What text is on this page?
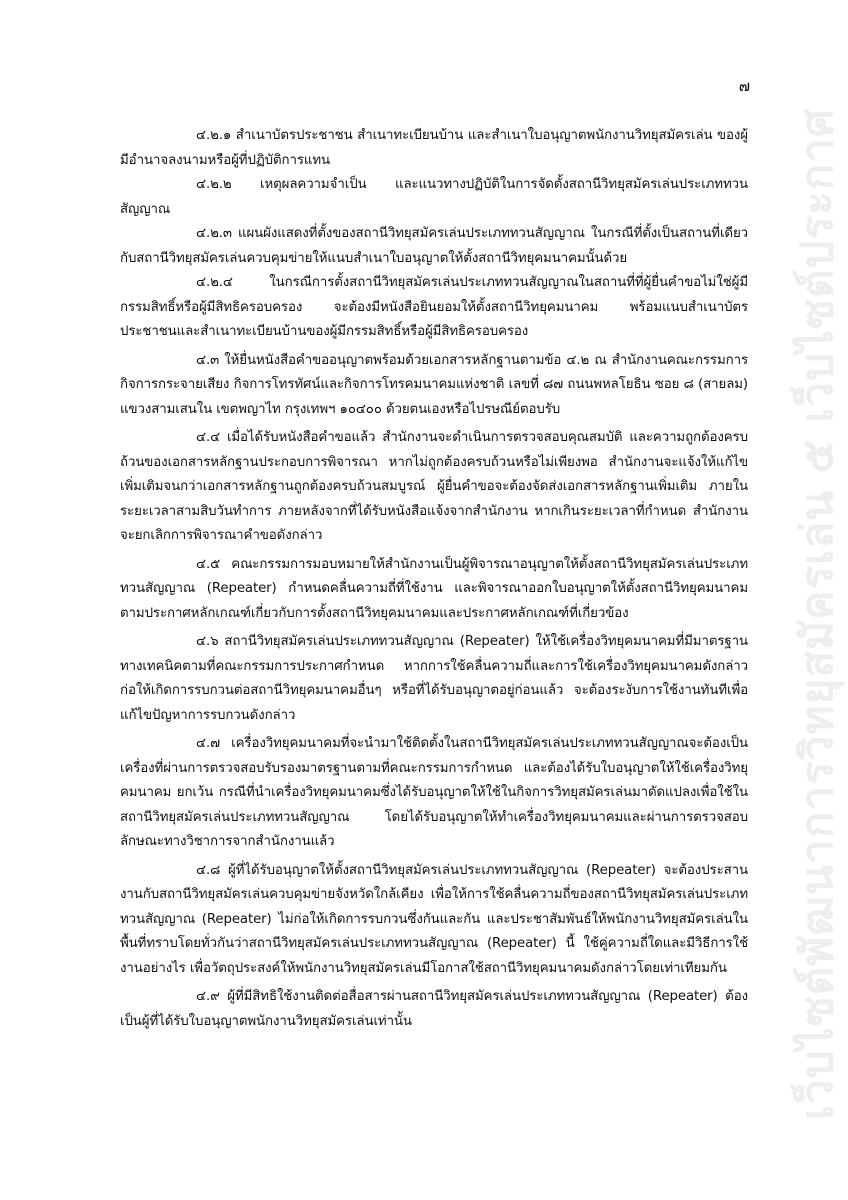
เว็บไซต์พัฒนาการวิทยุสมัครเล่น ๕ เว็บไซต์ประกาศ
๗

๔.๒.๑ สำเนาบัตรประชาชน สำเนาทะเบียนบ้าน และสำเนาใบอนุญาตพนักงานวิทยุสมัครเล่น ของผู้มีอำนาจลงนามหรือผู้ที่ปฏิบัติการแทน

๔.๒.๒ เหตุผลความจำเป็น และแนวทางปฏิบัติในการจัดตั้งสถานีวิทยุสมัครเล่นประเภททวนสัญญาณ

๔.๒.๓ แผนผังแสดงที่ตั้งของสถานีวิทยุสมัครเล่นประเภททวนสัญญาณ ในกรณีที่ตั้งเป็นสถานที่เดียวกับสถานีวิทยุสมัครเล่นควบคุมข่ายให้แนบสำเนาใบอนุญาตให้ตั้งสถานีวิทยุคมนาคมนั้นด้วย

๔.๒.๔ ในกรณีการตั้งสถานีวิทยุสมัครเล่นประเภททวนสัญญาณในสถานที่ที่ผู้ยื่นคำขอไม่ใช่ผู้มีกรรมสิทธิ์หรือผู้มีสิทธิครอบครอง จะต้องมีหนังสือยินยอมให้ตั้งสถานีวิทยุคมนาคม พร้อมแนบสำเนาบัตรประชาชนและสำเนาทะเบียนบ้านของผู้มีกรรมสิทธิ์หรือผู้มีสิทธิครอบครอง

๔.๓ ให้ยื่นหนังสือคำขออนุญาตพร้อมด้วยเอกสารหลักฐานตามข้อ ๔.๒ ณ สำนักงานคณะกรรมการกิจการกระจายเสียง กิจการโทรทัศน์และกิจการโทรคมนาคมแห่งชาติ เลขที่ ๘๗ ถนนพหลโยธิน ซอย ๘ (สายลม) แขวงสามเสนใน เขตพญาไท กรุงเทพฯ ๑๐๔๐๐ ด้วยตนเองหรือไปรษณีย์ตอบรับ

๔.๔ เมื่อได้รับหนังสือคำขอแล้ว สำนักงานจะดำเนินการตรวจสอบคุณสมบัติ และความถูกต้องครบถ้วนของเอกสารหลักฐานประกอบการพิจารณา หากไม่ถูกต้องครบถ้วนหรือไม่เพียงพอ สำนักงานจะแจ้งให้แก้ไขเพิ่มเติมจนกว่าเอกสารหลักฐานถูกต้องครบถ้วนสมบูรณ์ ผู้ยื่นคำขอจะต้องจัดส่งเอกสารหลักฐานเพิ่มเติม ภายในระยะเวลาสามสิบวันทำการ ภายหลังจากที่ได้รับหนังสือแจ้งจากสำนักงาน หากเกินระยะเวลาที่กำหนด สำนักงานจะยกเลิกการพิจารณาคำขอดังกล่าว

๔.๕ คณะกรรมการมอบหมายให้สำนักงานเป็นผู้พิจารณาอนุญาตให้ตั้งสถานีวิทยุสมัครเล่นประเภททวนสัญญาณ (Repeater) กำหนดคลื่นความถี่ที่ใช้งาน และพิจารณาออกใบอนุญาตให้ตั้งสถานีวิทยุคมนาคมตามประกาศหลักเกณฑ์เกี่ยวกับการตั้งสถานีวิทยุคมนาคมและประกาศหลักเกณฑ์ที่เกี่ยวข้อง

๔.๖ สถานีวิทยุสมัครเล่นประเภททวนสัญญาณ (Repeater) ให้ใช้เครื่องวิทยุคมนาคมที่มีมาตรฐานทางเทคนิคตามที่คณะกรรมการประกาศกำหนด หากการใช้คลื่นความถี่และการใช้เครื่องวิทยุคมนาคมดังกล่าวก่อให้เกิดการรบกวนต่อสถานีวิทยุคมนาคมอื่นๆ หรือที่ได้รับอนุญาตอยู่ก่อนแล้ว จะต้องระงับการใช้งานทันทีเพื่อแก้ไขปัญหาการรบกวนดังกล่าว

๔.๗ เครื่องวิทยุคมนาคมที่จะนำมาใช้ติดตั้งในสถานีวิทยุสมัครเล่นประเภททวนสัญญาณจะต้องเป็นเครื่องที่ผ่านการตรวจสอบรับรองมาตรฐานตามที่คณะกรรมการกำหนด และต้องได้รับใบอนุญาตให้ใช้เครื่องวิทยุคมนาคม ยกเว้น กรณีที่นำเครื่องวิทยุคมนาคมซึ่งได้รับอนุญาตให้ใช้ในกิจการวิทยุสมัครเล่นมาดัดแปลงเพื่อใช้ในสถานีวิทยุสมัครเล่นประเภททวนสัญญาณ โดยได้รับอนุญาตให้ทำเครื่องวิทยุคมนาคมและผ่านการตรวจสอบลักษณะทางวิชาการจากสำนักงานแล้ว

๔.๘ ผู้ที่ได้รับอนุญาตให้ตั้งสถานีวิทยุสมัครเล่นประเภททวนสัญญาณ (Repeater) จะต้องประสานงานกับสถานีวิทยุสมัครเล่นควบคุมข่ายจังหวัดใกล้เคียง เพื่อให้การใช้คลื่นความถี่ของสถานีวิทยุสมัครเล่นประเภททวนสัญญาณ (Repeater) ไม่ก่อให้เกิดการรบกวนซึ่งกันและกัน และประชาสัมพันธ์ให้พนักงานวิทยุสมัครเล่นในพื้นที่ทราบโดยทั่วกันว่าสถานีวิทยุสมัครเล่นประเภททวนสัญญาณ (Repeater) นี้ ใช้คู่ความถี่ใดและมีวิธีการใช้งานอย่างไร เพื่อวัตถุประสงค์ให้พนักงานวิทยุสมัครเล่นมีโอกาสใช้สถานีวิทยุคมนาคมดังกล่าวโดยเท่าเทียมกัน

๔.๙ ผู้ที่มีสิทธิใช้งานติดต่อสื่อสารผ่านสถานีวิทยุสมัครเล่นประเภททวนสัญญาณ (Repeater) ต้องเป็นผู้ที่ได้รับใบอนุญาตพนักงานวิทยุสมัครเล่นเท่านั้น
